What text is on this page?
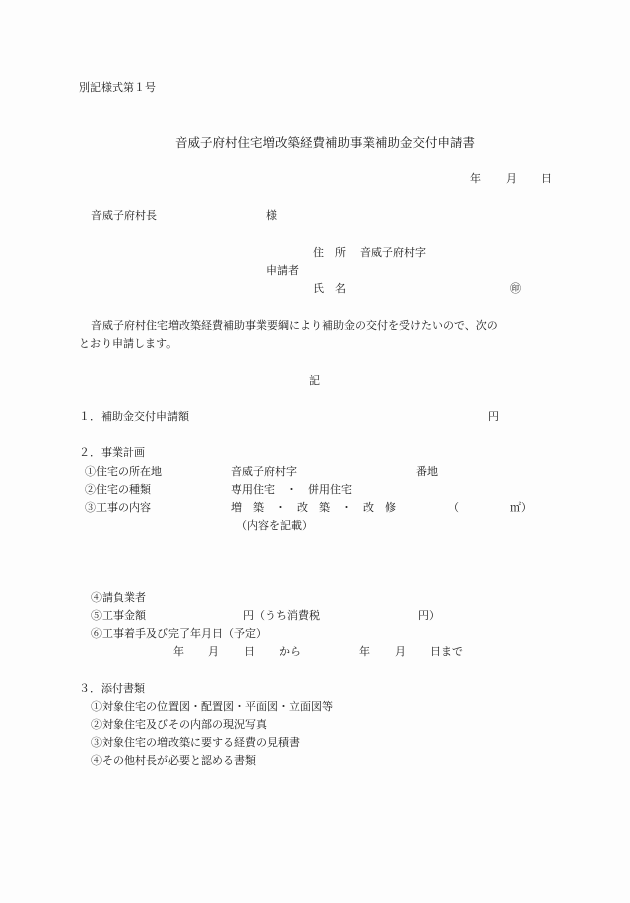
別記様式第１号
音威子府村住宅増改築経費補助事業補助金交付申請書
年 月 日
音威子府村長	様
住　所 音威子府村字
申請者
氏　名	㊞
音威子府村住宅増改築経費補助事業要綱により補助金の交付を受けたいので、次の
とおり申請します。
記
１．補助金交付申請額	円
２．事業計画
①住宅の所在地	音威子府村字	番地
②住宅の種類	専用住宅　・　併用住宅
③工事の内容	増　築　・　改　築　・　改　修	（	㎡）
（内容を記載）
④請負業者
⑤工事金額	円（うち消費税	円）
⑥工事着手及び完了年月日（予定）
年 月 日 から	年 月 日まで
３．添付書類
①対象住宅の位置図・配置図・平面図・立面図等
②対象住宅及びその内部の現況写真
③対象住宅の増改築に要する経費の見積書
④その他村長が必要と認める書類
